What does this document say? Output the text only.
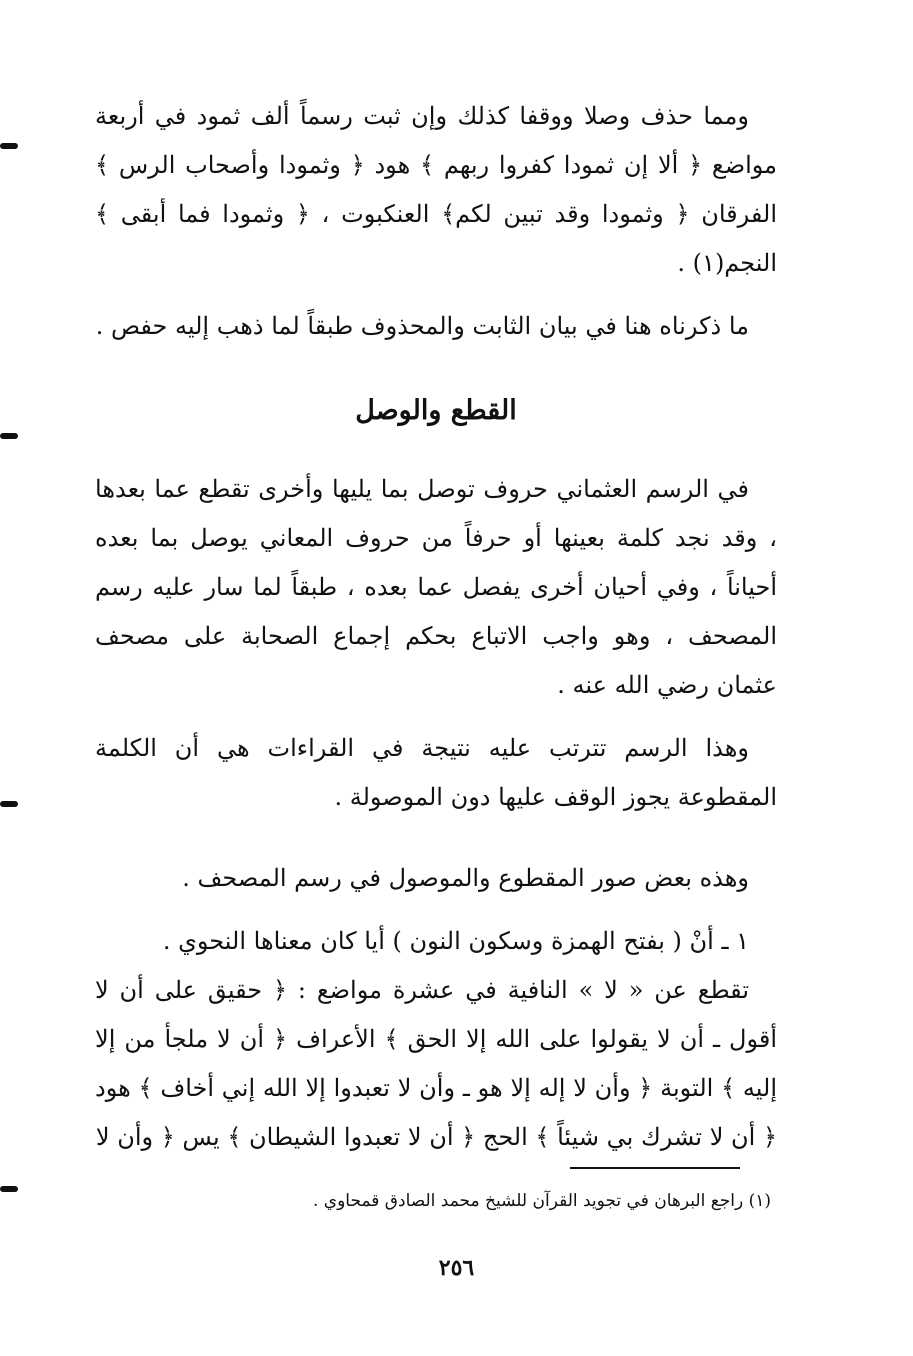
ومما حذف وصلا ووقفا كذلك وإن ثبت رسماً ألف ثمود في أربعة مواضع ﴿ ألا إن ثمودا كفروا ربهم ﴾ هود ﴿ وثمودا وأصحاب الرس ﴾ الفرقان ﴿ وثمودا وقد تبين لكم﴾ العنكبوت ، ﴿ وثمودا فما أبقى ﴾ النجم(١) .

ما ذكرناه هنا في بيان الثابت والمحذوف طبقاً لما ذهب إليه حفص .

القطع والوصل

في الرسم العثماني حروف توصل بما يليها وأخرى تقطع عما بعدها ، وقد نجد كلمة بعينها أو حرفاً من حروف المعاني يوصل بما بعده أحياناً ، وفي أحيان أخرى يفصل عما بعده ، طبقاً لما سار عليه رسم المصحف ، وهو واجب الاتباع بحكم إجماع الصحابة على مصحف عثمان رضي الله عنه .

وهذا الرسم تترتب عليه نتيجة في القراءات هي أن الكلمة المقطوعة يجوز الوقف عليها دون الموصولة .

وهذه بعض صور المقطوع والموصول في رسم المصحف .

١ ـ أنْ ( بفتح الهمزة وسكون النون ) أيا كان معناها النحوي .

تقطع عن « لا » النافية في عشرة مواضع : ﴿ حقيق على أن لا أقول ـ أن لا يقولوا على الله إلا الحق ﴾ الأعراف ﴿ أن لا ملجأ من إلا إليه ﴾ التوبة ﴿ وأن لا إله إلا هو ـ وأن لا تعبدوا إلا الله إني أخاف ﴾ هود ﴿ أن لا تشرك بي شيئاً ﴾ الحج ﴿ أن لا تعبدوا الشيطان ﴾ يس ﴿ وأن لا

(١) راجع البرهان في تجويد القرآن للشيخ محمد الصادق قمحاوي .
٢٥٦
